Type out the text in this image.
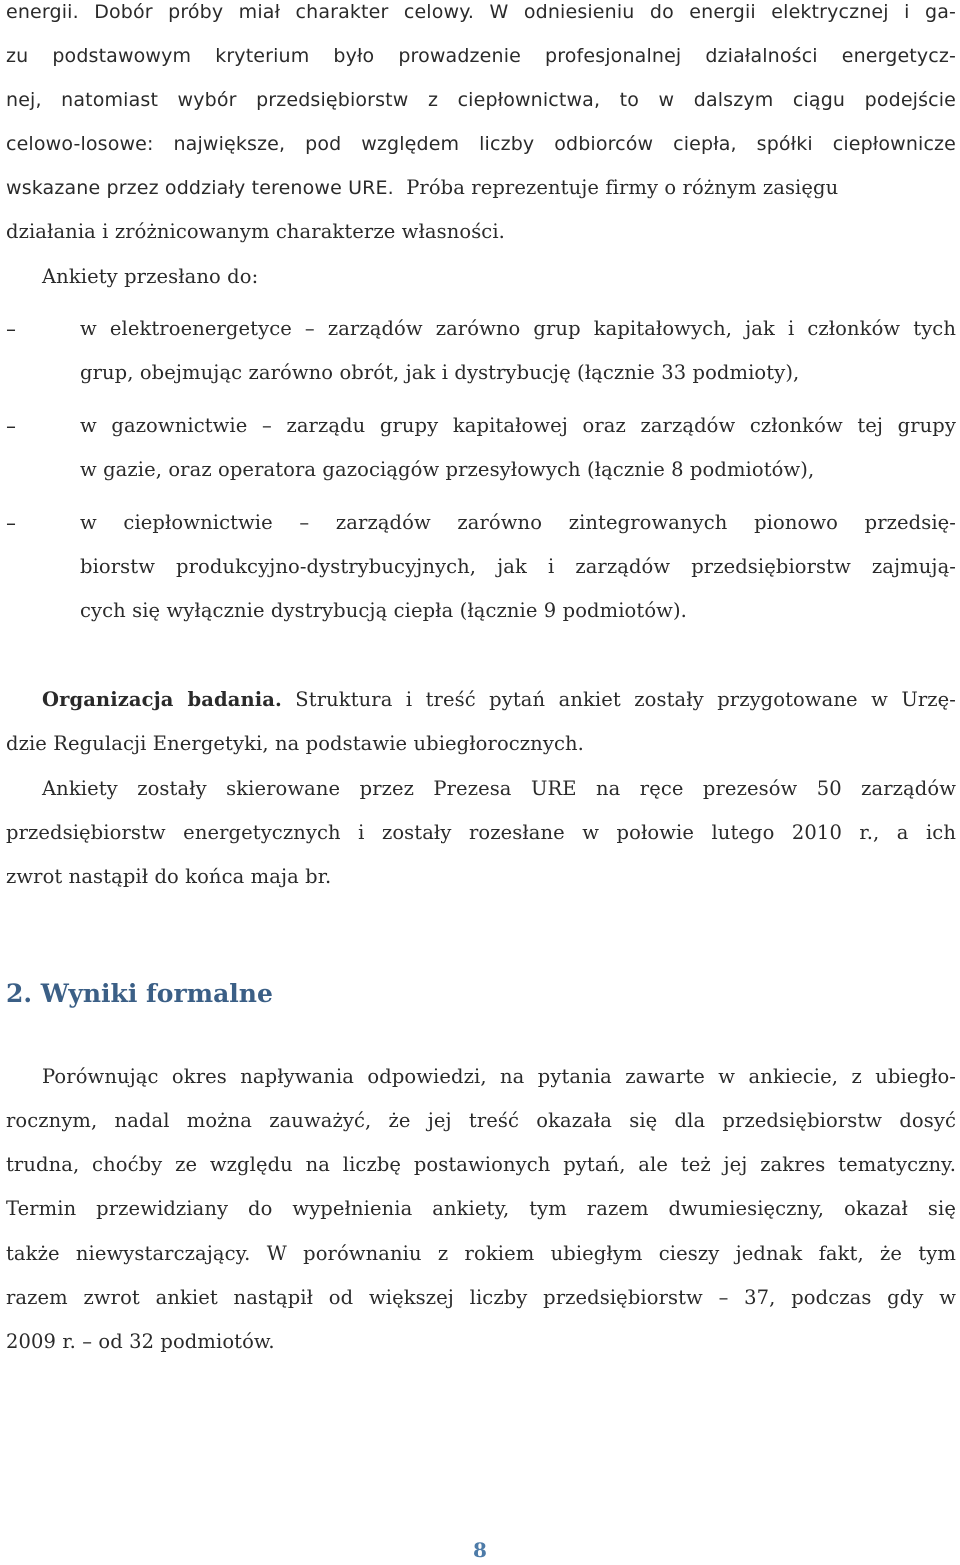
energii. Dobór próby miał charakter celowy. W odniesieniu do energii elektrycznej i ga-
zu podstawowym kryterium było prowadzenie profesjonalnej działalności energetycz-
nej, natomiast wybór przedsiębiorstw z ciepłownictwa, to w dalszym ciągu podejście
celowo-losowe: największe, pod względem liczby odbiorców ciepła, spółki ciepłownicze
wskazane przez oddziały terenowe URE. Próba reprezentuje firmy o różnym zasięgu
działania i zróżnicowanym charakterze własności.
Ankiety przesłano do:
–	w elektroenergetyce – zarządów zarówno grup kapitałowych, jak i członków tych
grup, obejmując zarówno obrót, jak i dystrybucję (łącznie 33 podmioty),
–	w gazownictwie – zarządu grupy kapitałowej oraz zarządów członków tej grupy
w gazie, oraz operatora gazociągów przesyłowych (łącznie 8 podmiotów),
–	w ciepłownictwie – zarządów zarówno zintegrowanych pionowo przedsię-
biorstw produkcyjno-dystrybucyjnych, jak i zarządów przedsiębiorstw zajmują-
cych się wyłącznie dystrybucją ciepła (łącznie 9 podmiotów).
Organizacja badania. Struktura i treść pytań ankiet zostały przygotowane w Urzę-
dzie Regulacji Energetyki, na podstawie ubiegłorocznych.
Ankiety zostały skierowane przez Prezesa URE na ręce prezesów 50 zarządów
przedsiębiorstw energetycznych i zostały rozesłane w połowie lutego 2010 r., a ich
zwrot nastąpił do końca maja br.
2. Wyniki formalne
Porównując okres napływania odpowiedzi, na pytania zawarte w ankiecie, z ubiegło-
rocznym, nadal można zauważyć, że jej treść okazała się dla przedsiębiorstw dosyć
trudna, choćby ze względu na liczbę postawionych pytań, ale też jej zakres tematyczny.
Termin przewidziany do wypełnienia ankiety, tym razem dwumiesięczny, okazał się
także niewystarczający. W porównaniu z rokiem ubiegłym cieszy jednak fakt, że tym
razem zwrot ankiet nastąpił od większej liczby przedsiębiorstw – 37, podczas gdy w
2009 r. – od 32 podmiotów.
8
